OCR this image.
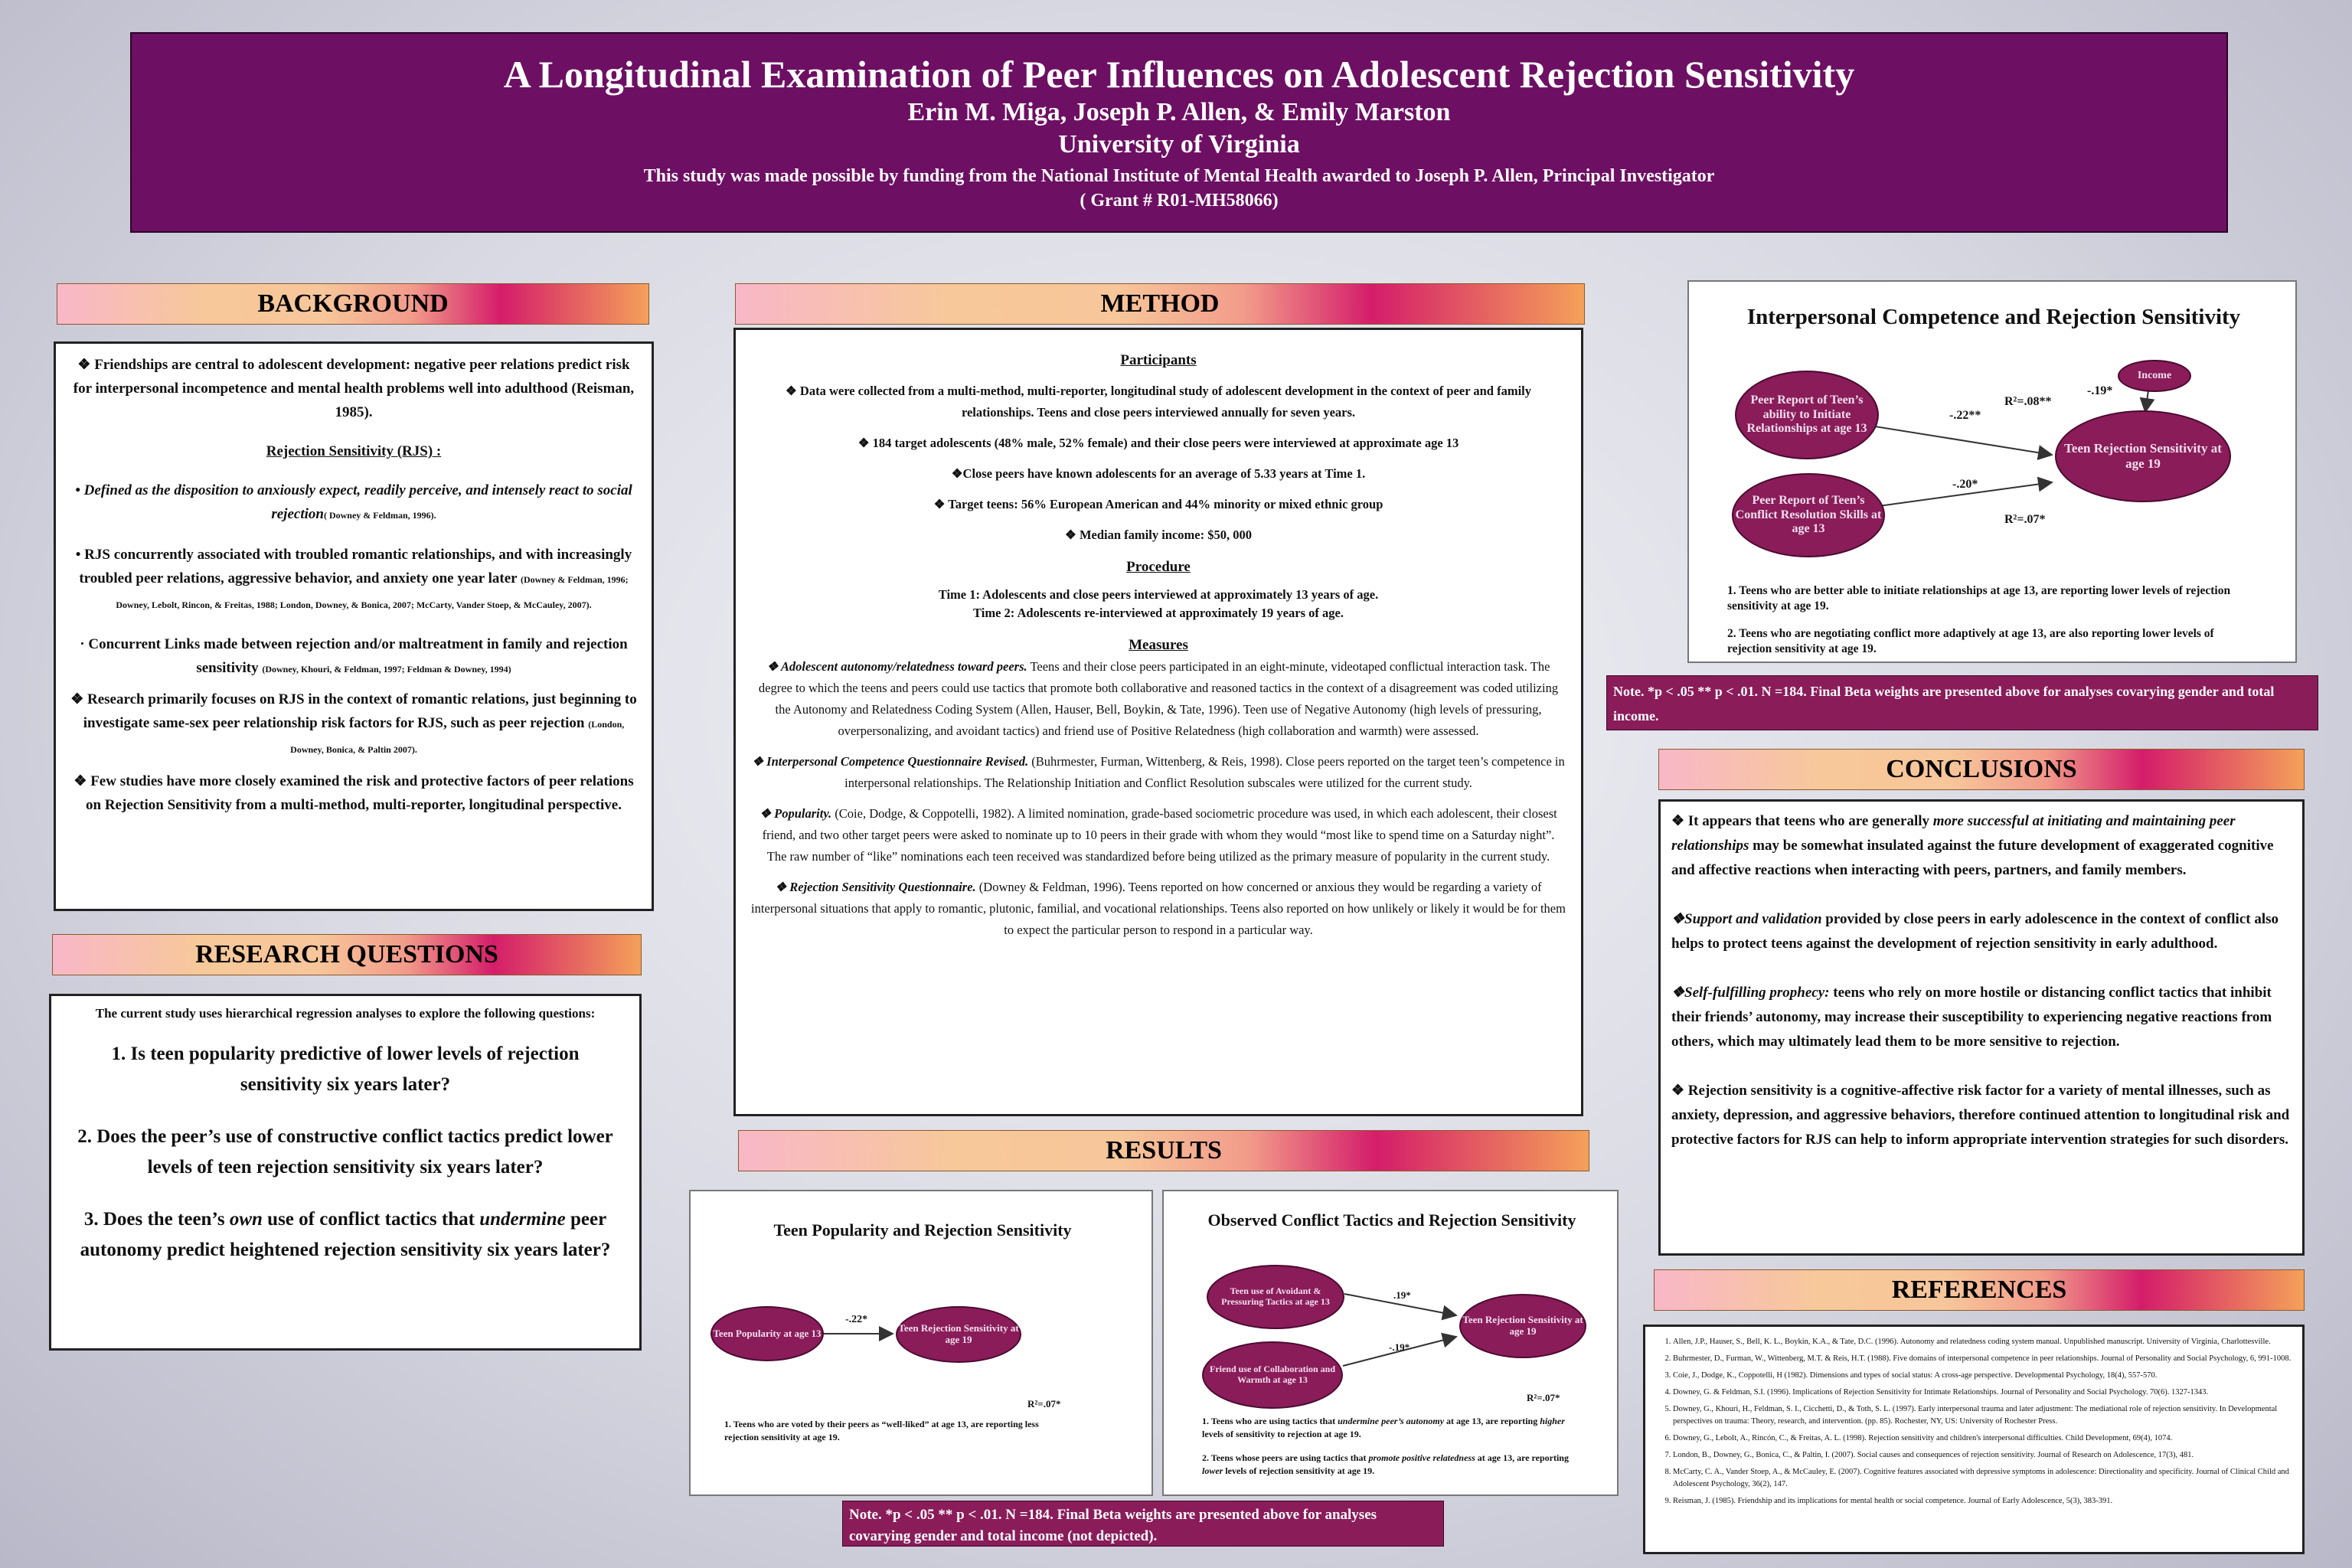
A Longitudinal Examination of Peer Influences on Adolescent Rejection Sensitivity
Erin M. Miga, Joseph P. Allen, & Emily Marston
University of Virginia
This study was made possible by funding from the National Institute of Mental Health awarded to Joseph P. Allen, Principal Investigator
( Grant # R01-MH58066)
BACKGROUND

❖ Friendships are central to adolescent development: negative peer relations predict risk for interpersonal incompetence and mental health problems well into adulthood (Reisman, 1985).

Rejection Sensitivity (RJS) :

• Defined as the disposition to anxiously expect, readily perceive, and intensely react to social rejection( Downey & Feldman, 1996).

• RJS concurrently associated with troubled romantic relationships, and with increasingly troubled peer relations, aggressive behavior, and anxiety one year later (Downey & Feldman, 1996; Downey, Lebolt, Rincon, & Freitas, 1988; London, Downey, & Bonica, 2007; McCarty, Vander Stoep, & McCauley, 2007).

· Concurrent Links made between rejection and/or maltreatment in family and rejection sensitivity (Downey, Khouri, & Feldman, 1997; Feldman & Downey, 1994)

❖ Research primarily focuses on RJS in the context of romantic relations, just beginning to investigate same-sex peer relationship risk factors for RJS, such as peer rejection (London, Downey, Bonica, & Paltin 2007).

❖ Few studies have more closely examined the risk and protective factors of peer relations on Rejection Sensitivity from a multi-method, multi-reporter, longitudinal perspective.

RESEARCH QUESTIONS

The current study uses hierarchical regression analyses to explore the following questions:

1. Is teen popularity predictive of lower levels of rejection sensitivity six years later?

2. Does the peer’s use of constructive conflict tactics predict lower levels of teen rejection sensitivity six years later?

3. Does the teen’s own use of conflict tactics that undermine peer autonomy predict heightened rejection sensitivity six years later?

METHOD

Participants

❖ Data were collected from a multi-method, multi-reporter, longitudinal study of adolescent development in the context of peer and family relationships. Teens and close peers interviewed annually for seven years.

❖ 184 target adolescents (48% male, 52% female) and their close peers were interviewed at approximate age 13

❖Close peers have known adolescents for an average of 5.33 years at Time 1.

❖ Target teens: 56% European American and 44% minority or mixed ethnic group

❖ Median family income: $50, 000

Procedure

Time 1: Adolescents and close peers interviewed at approximately 13 years of age.

Time 2: Adolescents re-interviewed at approximately 19 years of age.

Measures

❖ Adolescent autonomy/relatedness toward peers. Teens and their close peers participated in an eight-minute, videotaped conflictual interaction task. The degree to which the teens and peers could use tactics that promote both collaborative and reasoned tactics in the context of a disagreement was coded utilizing the Autonomy and Relatedness Coding System (Allen, Hauser, Bell, Boykin, & Tate, 1996). Teen use of Negative Autonomy (high levels of pressuring, overpersonalizing, and avoidant tactics) and friend use of Positive Relatedness (high collaboration and warmth) were assessed.

❖ Interpersonal Competence Questionnaire Revised. (Buhrmester, Furman, Wittenberg, & Reis, 1998). Close peers reported on the target teen’s competence in interpersonal relationships. The Relationship Initiation and Conflict Resolution subscales were utilized for the current study.

❖ Popularity. (Coie, Dodge, & Coppotelli, 1982). A limited nomination, grade-based sociometric procedure was used, in which each adolescent, their closest friend, and two other target peers were asked to nominate up to 10 peers in their grade with whom they would “most like to spend time on a Saturday night”. The raw number of “like” nominations each teen received was standardized before being utilized as the primary measure of popularity in the current study.

❖ Rejection Sensitivity Questionnaire. (Downey & Feldman, 1996). Teens reported on how concerned or anxious they would be regarding a variety of interpersonal situations that apply to romantic, plutonic, familial, and vocational relationships. Teens also reported on how unlikely or likely it would be for them to expect the particular person to respond in a particular way.

RESULTS
Teen Popularity and Rejection Sensitivity
Teen Popularity at age 13	Teen Rejection Sensitivity at age 19
-.22*
R²=.07*
1. Teens who are voted by their peers as “well-liked” at age 13, are reporting less rejection sensitivity at age 19.
Observed Conflict Tactics and Rejection Sensitivity
Teen use of Avoidant & Pressuring Tactics at age 13
Friend use of Collaboration and Warmth at age 13
Teen Rejection Sensitivity at age 19
.19*
-.19*
R²=.07*
1. Teens who are using tactics that undermine peer’s autonomy at age 13, are reporting higher levels of sensitivity to rejection at age 19.
2. Teens whose peers are using tactics that promote positive relatedness at age 13, are reporting lower levels of rejection sensitivity at age 19.
Note. *p < .05 ** p < .01. N =184. Final Beta weights are presented above for analyses covarying gender and total income (not depicted).
Interpersonal Competence and Rejection Sensitivity
Peer Report of Teen’s ability to Initiate Relationships at age 13
Peer Report of Teen’s Conflict Resolution Skills at age 13
Income
Teen Rejection Sensitivity at age 19
-.22**
-.20*
-.19*
R²=.08**
R²=.07*
1. Teens who are better able to initiate relationships at age 13, are reporting lower levels of rejection sensitivity at age 19.
2. Teens who are negotiating conflict more adaptively at age 13, are also reporting lower levels of rejection sensitivity at age 19.
Note. *p < .05 ** p < .01. N =184. Final Beta weights are presented above for analyses covarying gender and total income.
CONCLUSIONS

❖ It appears that teens who are generally more successful at initiating and maintaining peer relationships may be somewhat insulated against the future development of exaggerated cognitive and affective reactions when interacting with peers, partners, and family members.

❖Support and validation provided by close peers in early adolescence in the context of conflict also helps to protect teens against the development of rejection sensitivity in early adulthood.

❖Self-fulfilling prophecy: teens who rely on more hostile or distancing conflict tactics that inhibit their friends’ autonomy, may increase their susceptibility to experiencing negative reactions from others, which may ultimately lead them to be more sensitive to rejection.

❖ Rejection sensitivity is a cognitive-affective risk factor for a variety of mental illnesses, such as anxiety, depression, and aggressive behaviors, therefore continued attention to longitudinal risk and protective factors for RJS can help to inform appropriate intervention strategies for such disorders.

REFERENCES
1. Allen, J.P., Hauser, S., Bell, K. L., Boykin, K.A., & Tate, D.C. (1996). Autonomy and relatedness coding system manual. Unpublished manuscript. University of Virginia, Charlottesville.
2. Buhrmester, D., Furman, W., Wittenberg, M.T. & Reis, H.T. (1988). Five domains of interpersonal competence in peer relationships. Journal of Personality and Social Psychology, 6, 991-1008.
3. Coie, J., Dodge, K., Coppotelli, H (1982). Dimensions and types of social status: A cross-age perspective. Developmental Psychology, 18(4), 557-570.
4. Downey, G. & Feldman, S.I. (1996). Implications of Rejection Sensitivity for Intimate Relationships. Journal of Personality and Social Psychology. 70(6). 1327-1343.
5. Downey, G., Khouri, H., Feldman, S. I., Cicchetti, D., & Toth, S. L. (1997). Early interpersonal trauma and later adjustment: The mediational role of rejection sensitivity. In Developmental perspectives on trauma: Theory, research, and intervention. (pp. 85). Rochester, NY, US: University of Rochester Press.
6. Downey, G., Lebolt, A., Rincón, C., & Freitas, A. L. (1998). Rejection sensitivity and children's interpersonal difficulties. Child Development, 69(4), 1074.
7. London, B., Downey, G., Bonica, C., & Paltin, I. (2007). Social causes and consequences of rejection sensitivity. Journal of Research on Adolescence, 17(3), 481.
8. McCarty, C. A., Vander Stoep, A., & McCauley, E. (2007). Cognitive features associated with depressive symptoms in adolescence: Directionality and specificity. Journal of Clinical Child and Adolescent Psychology, 36(2), 147.
9. Reisman, J. (1985). Friendship and its implications for mental health or social competence. Journal of Early Adolescence, 5(3), 383-391.
